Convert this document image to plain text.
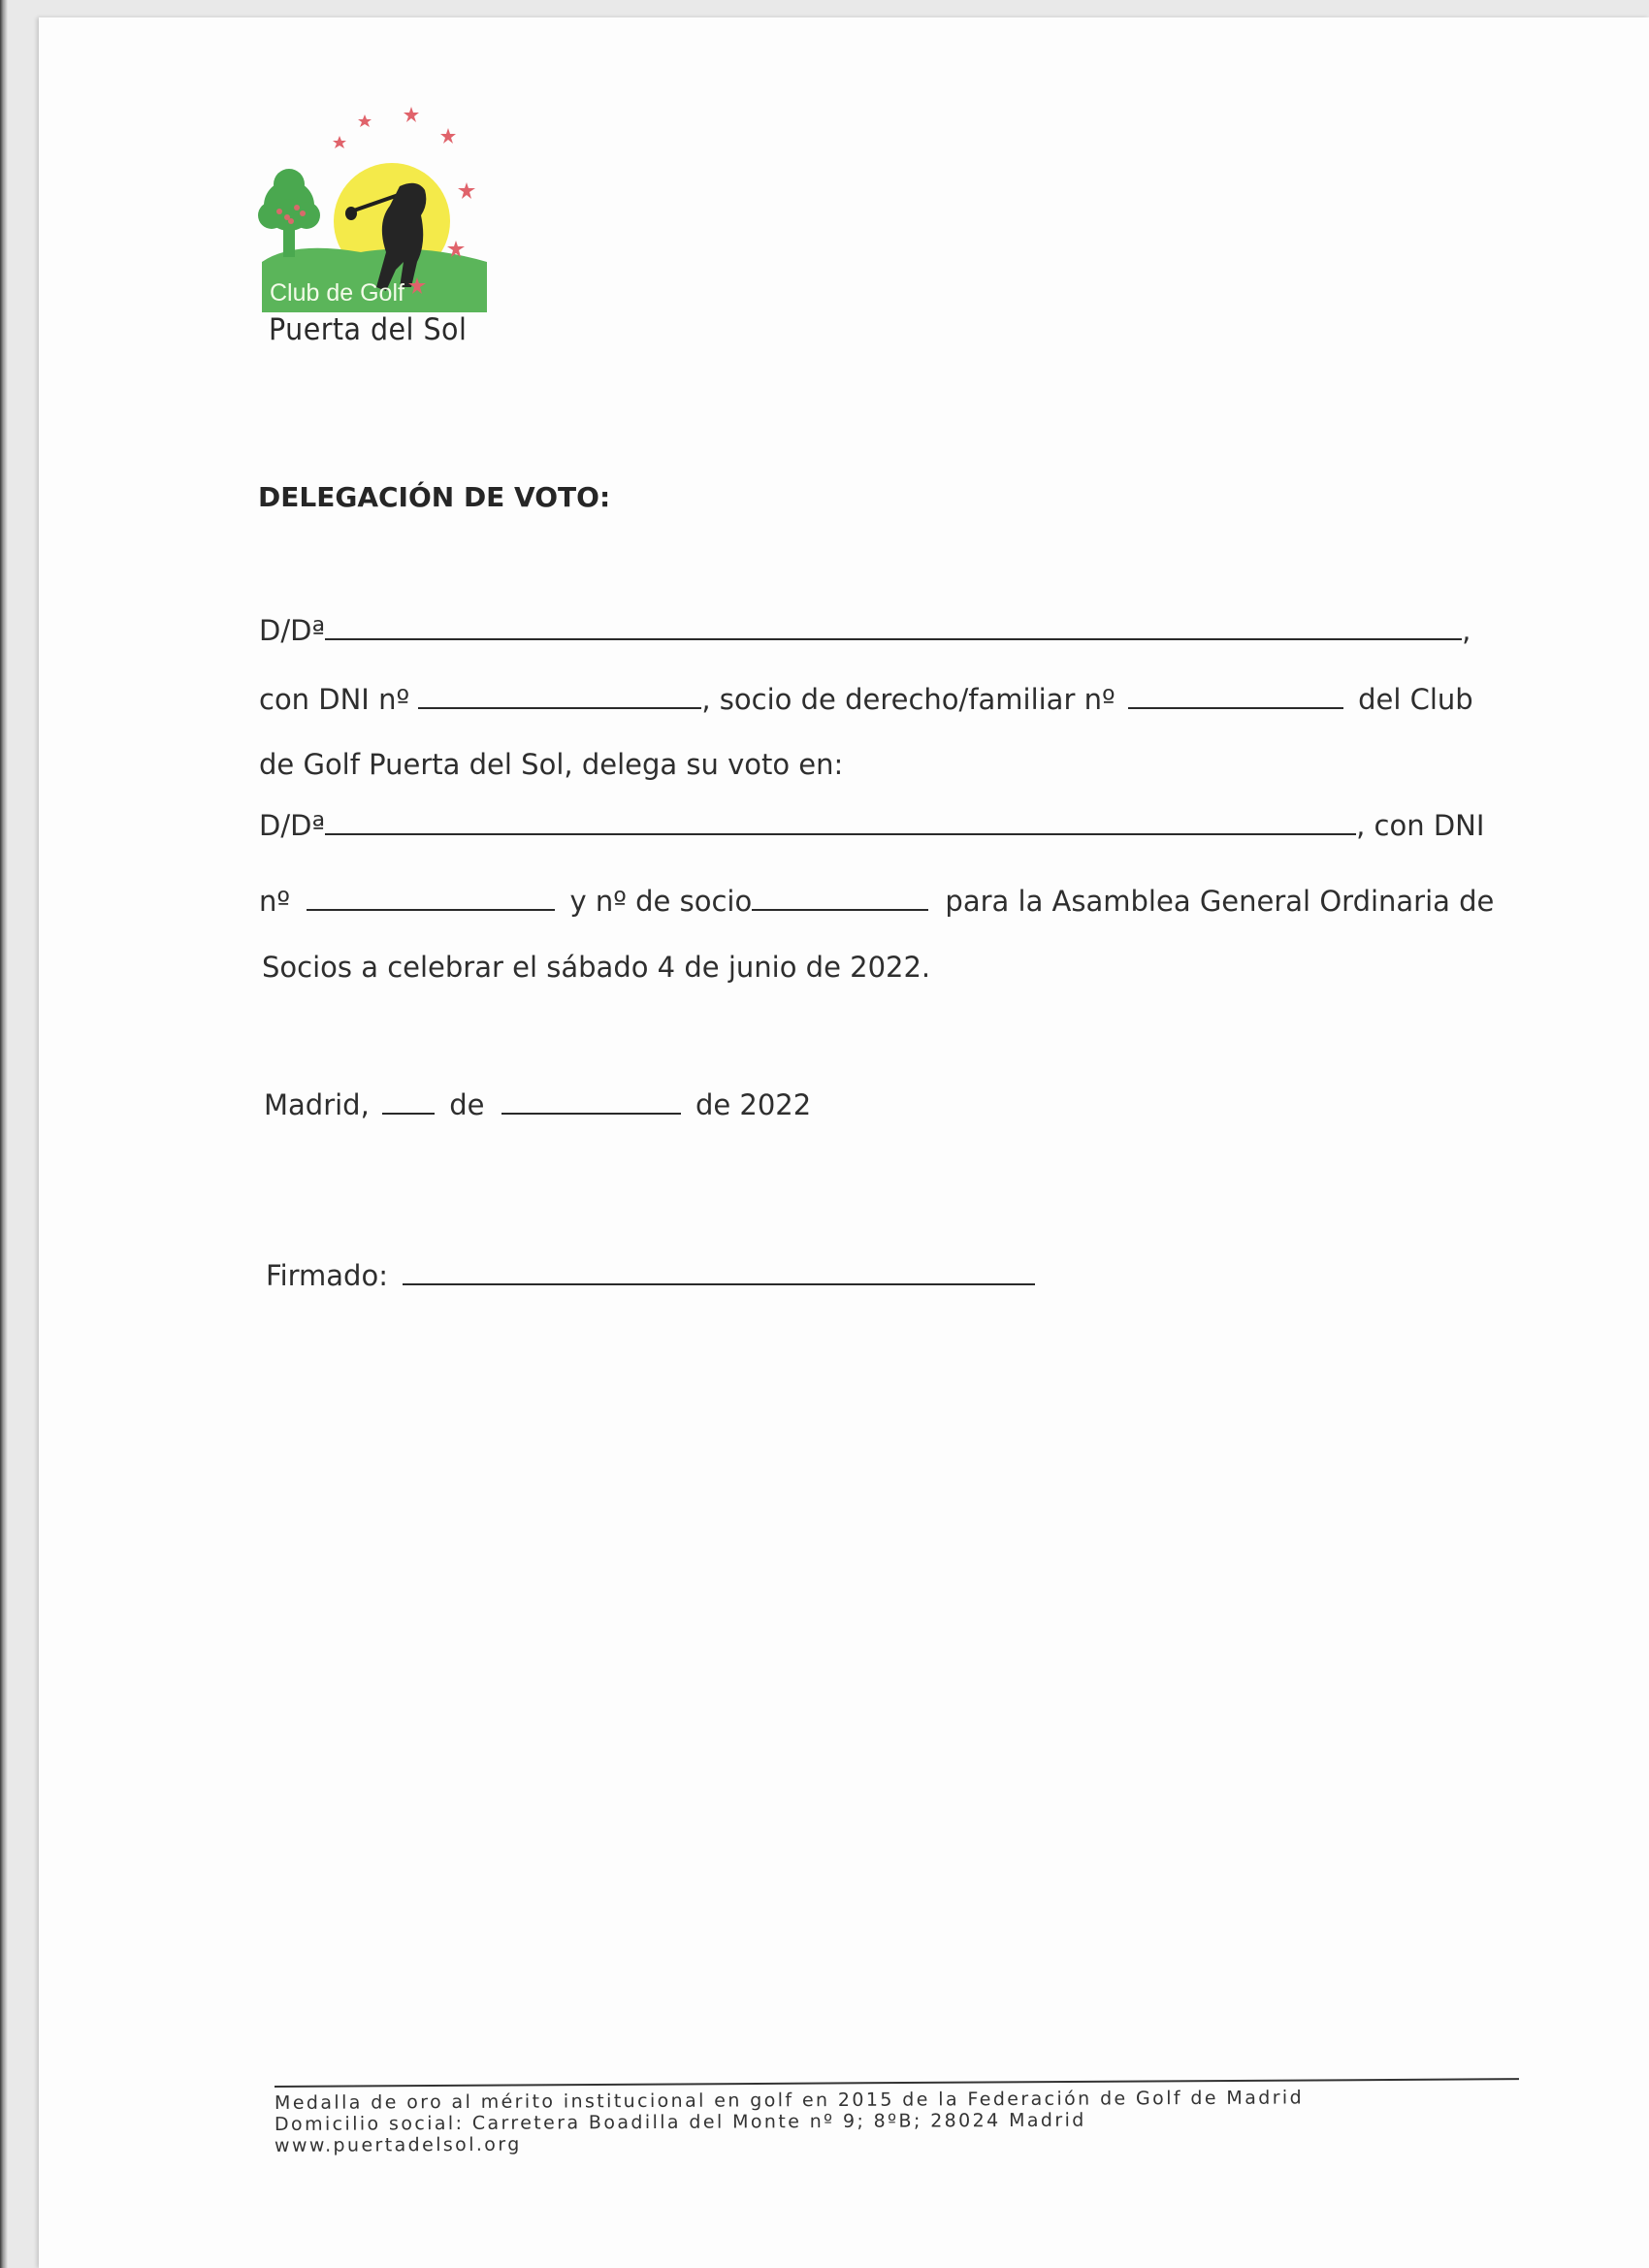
Club de Golf
Puerta del Sol
DELEGACIÓN DE VOTO:
D/Dª	,
con DNI nº	, socio de derecho/familiar nº	del Club
de Golf Puerta del Sol, delega su voto en:
D/Dª	, con DNI
nº	y nº de socio	para la Asamblea General Ordinaria de
Socios a celebrar el sábado 4 de junio de 2022.
Madrid,	de	de 2022
Firmado:
Medalla de oro al mérito institucional en golf en 2015 de la Federación de Golf de Madrid
Domicilio social: Carretera Boadilla del Monte nº 9; 8ºB; 28024 Madrid
www.puertadelsol.org
